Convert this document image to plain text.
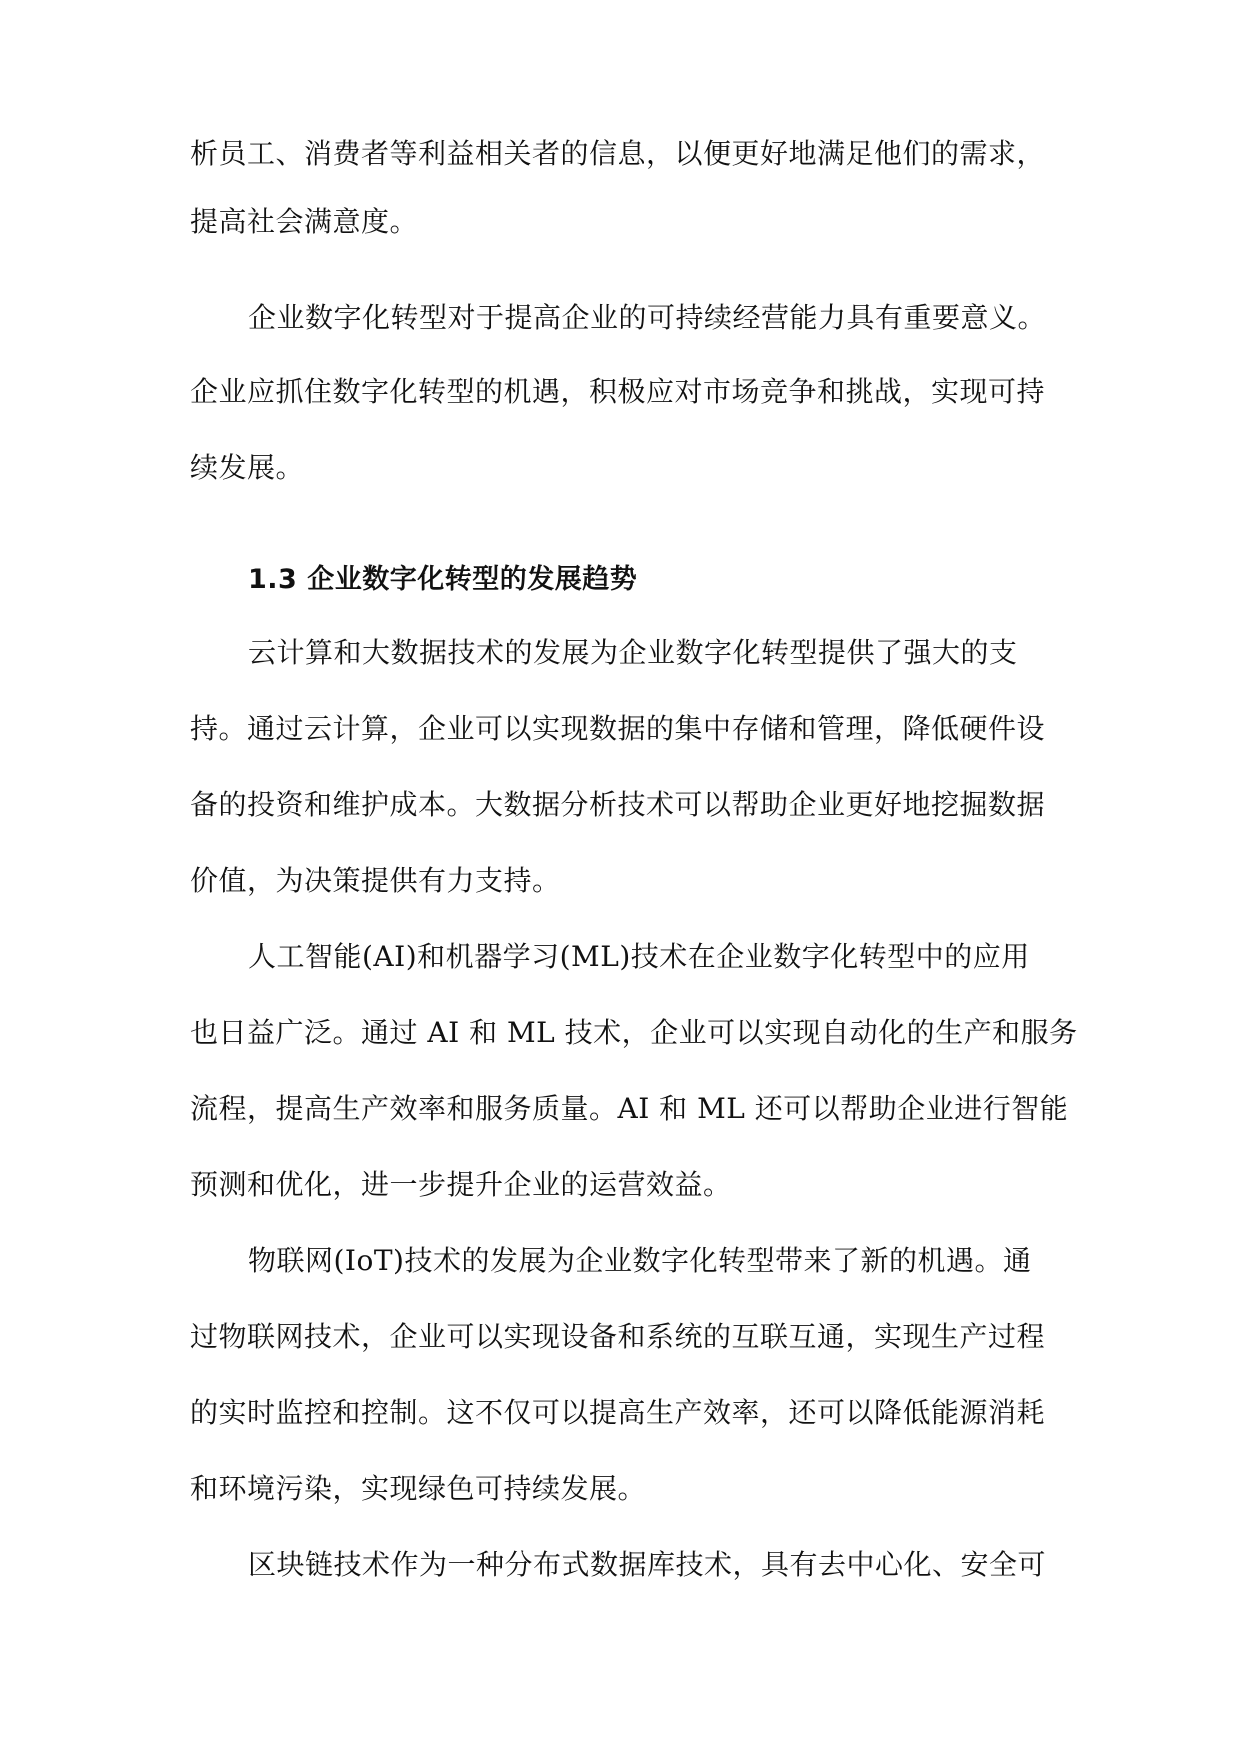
析员工、消费者等利益相关者的信息，以便更好地满足他们的需求，
提高社会满意度。
企业数字化转型对于提高企业的可持续经营能力具有重要意义。
企业应抓住数字化转型的机遇，积极应对市场竞争和挑战，实现可持
续发展。
1.3 企业数字化转型的发展趋势
云计算和大数据技术的发展为企业数字化转型提供了强大的支
持。通过云计算，企业可以实现数据的集中存储和管理，降低硬件设
备的投资和维护成本。大数据分析技术可以帮助企业更好地挖掘数据
价值，为决策提供有力支持。
人工智能(AI)和机器学习(ML)技术在企业数字化转型中的应用
也日益广泛。通过 AI 和 ML 技术，企业可以实现自动化的生产和服务
流程，提高生产效率和服务质量。AI 和 ML 还可以帮助企业进行智能
预测和优化，进一步提升企业的运营效益。
物联网(IoT)技术的发展为企业数字化转型带来了新的机遇。通
过物联网技术，企业可以实现设备和系统的互联互通，实现生产过程
的实时监控和控制。这不仅可以提高生产效率，还可以降低能源消耗
和环境污染，实现绿色可持续发展。
区块链技术作为一种分布式数据库技术，具有去中心化、安全可
